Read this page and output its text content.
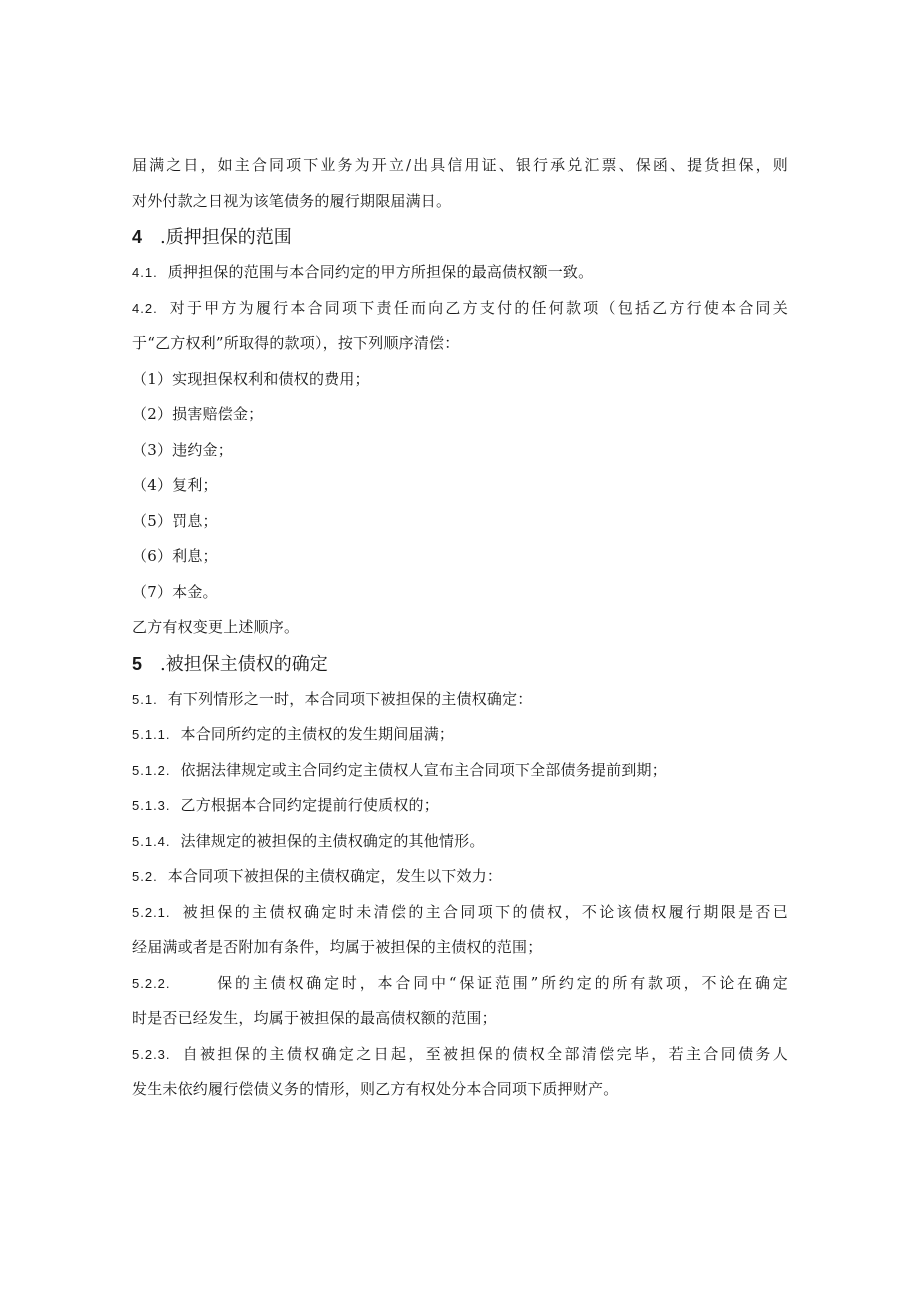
届满之日，如主合同项下业务为开立/出具信用证、银行承兑汇票、保函、提货担保，则
对外付款之日视为该笔债务的履行期限届满日。
4 .质押担保的范围
4.1. 质押担保的范围与本合同约定的甲方所担保的最高债权额一致。
4.2. 对于甲方为履行本合同项下责任而向乙方支付的任何款项（包括乙方行使本合同关
于“乙方权利”所取得的款项），按下列顺序清偿：
（1）实现担保权利和债权的费用；
（2）损害赔偿金；
（3）违约金；
（4）复利；
（5）罚息；
（6）利息；
（7）本金。
乙方有权变更上述顺序。
5 .被担保主债权的确定
5.1. 有下列情形之一时，本合同项下被担保的主债权确定：
5.1.1. 本合同所约定的主债权的发生期间届满；
5.1.2. 依据法律规定或主合同约定主债权人宣布主合同项下全部债务提前到期；
5.1.3. 乙方根据本合同约定提前行使质权的；
5.1.4. 法律规定的被担保的主债权确定的其他情形。
5.2. 本合同项下被担保的主债权确定，发生以下效力：
5.2.1. 被担保的主债权确定时未清偿的主合同项下的债权，不论该债权履行期限是否已
经届满或者是否附加有条件，均属于被担保的主债权的范围；
5.2.2.	保的主债权确定时，本合同中“保证范围”所约定的所有款项，不论在确定
时是否已经发生，均属于被担保的最高债权额的范围；
5.2.3. 自被担保的主债权确定之日起，至被担保的债权全部清偿完毕，若主合同债务人
发生未依约履行偿债义务的情形，则乙方有权处分本合同项下质押财产。
